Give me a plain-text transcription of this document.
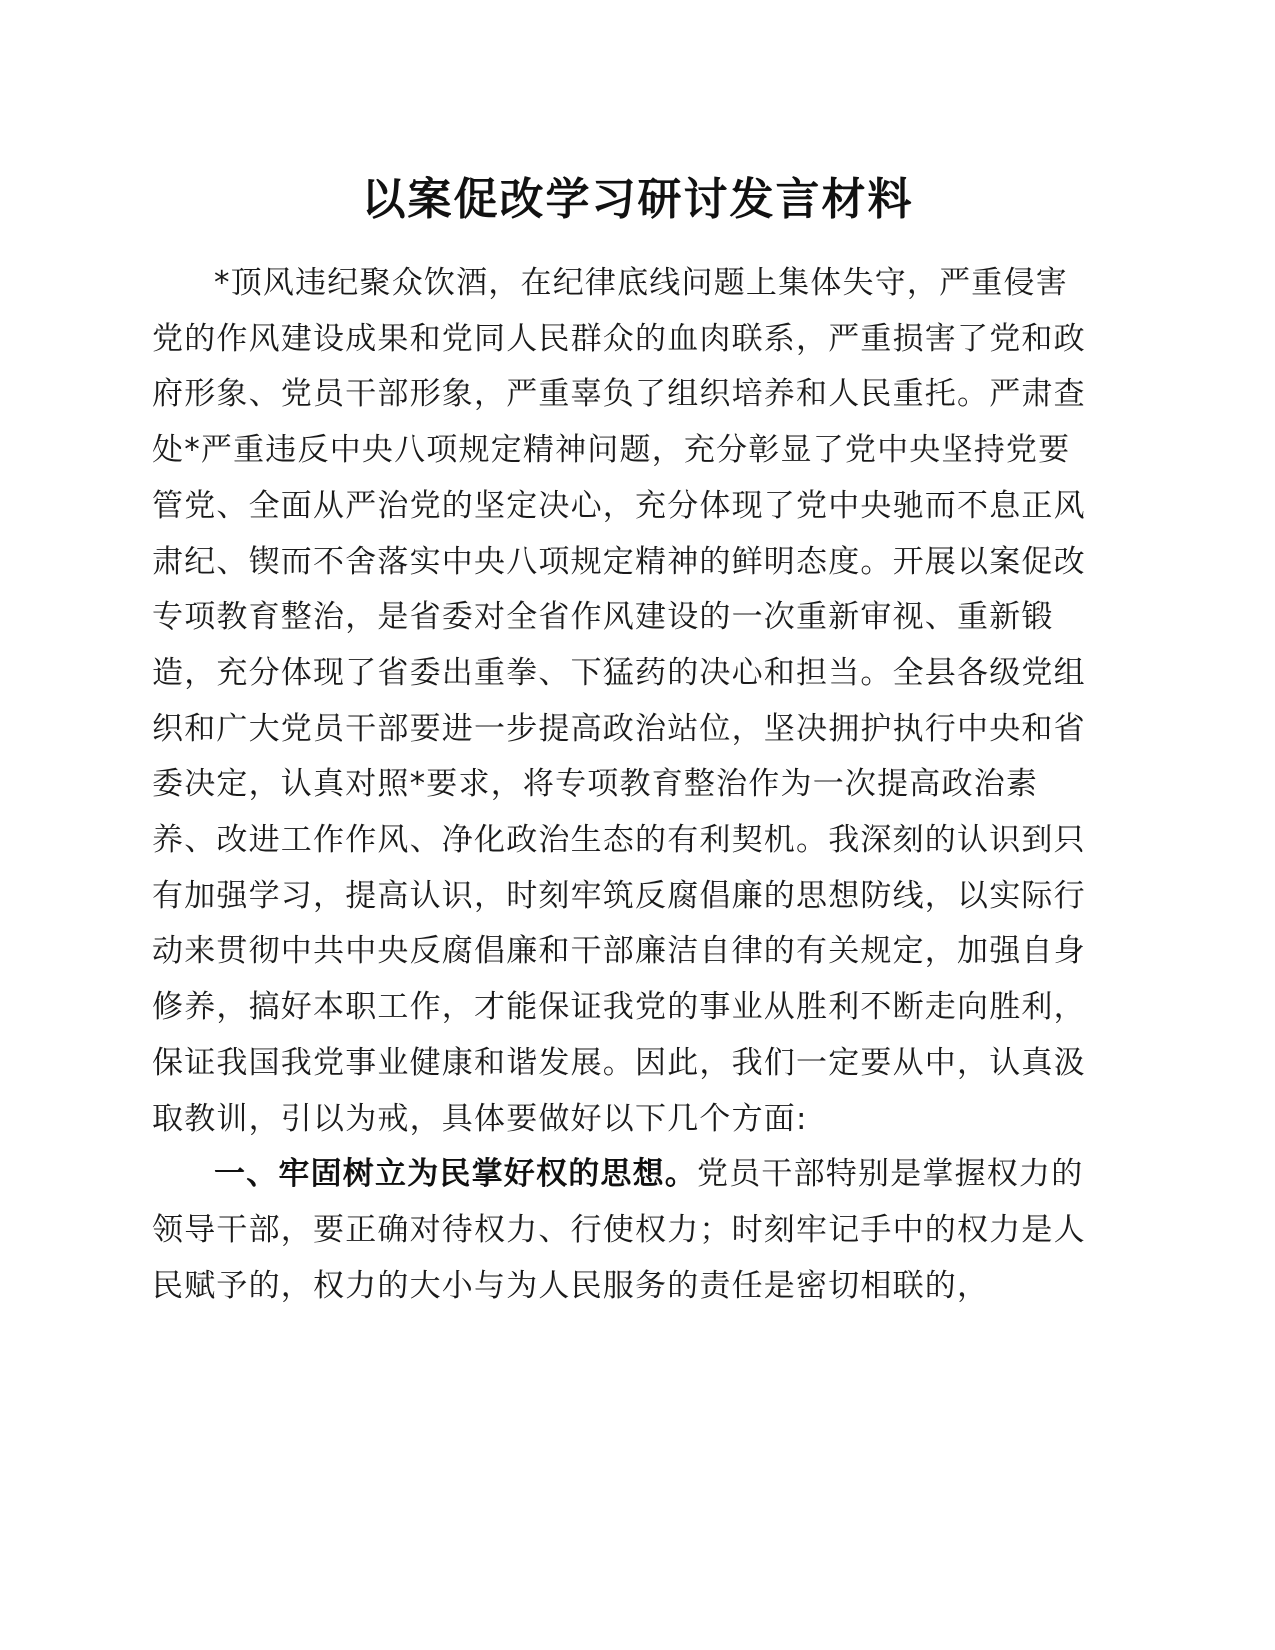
以案促改学习研讨发言材料

*顶风违纪聚众饮酒，在纪律底线问题上集体失守，严重侵害党的作风建设成果和党同人民群众的血肉联系，严重损害了党和政府形象、党员干部形象，严重辜负了组织培养和人民重托。严肃查处*严重违反中央八项规定精神问题，充分彰显了党中央坚持党要管党、全面从严治党的坚定决心，充分体现了党中央驰而不息正风肃纪、锲而不舍落实中央八项规定精神的鲜明态度。开展以案促改专项教育整治，是省委对全省作风建设的一次重新审视、重新锻造，充分体现了省委出重拳、下猛药的决心和担当。全县各级党组织和广大党员干部要进一步提高政治站位，坚决拥护执行中央和省委决定，认真对照*要求，将专项教育整治作为一次提高政治素养、改进工作作风、净化政治生态的有利契机。我深刻的认识到只有加强学习，提高认识，时刻牢筑反腐倡廉的思想防线，以实际行动来贯彻中共中央反腐倡廉和干部廉洁自律的有关规定，加强自身修养，搞好本职工作，才能保证我党的事业从胜利不断走向胜利，保证我国我党事业健康和谐发展。因此，我们一定要从中，认真汲取教训，引以为戒，具体要做好以下几个方面:

一、牢固树立为民掌好权的思想。党员干部特别是掌握权力的领导干部，要正确对待权力、行使权力；时刻牢记手中的权力是人民赋予的，权力的大小与为人民服务的责任是密切相联的，
